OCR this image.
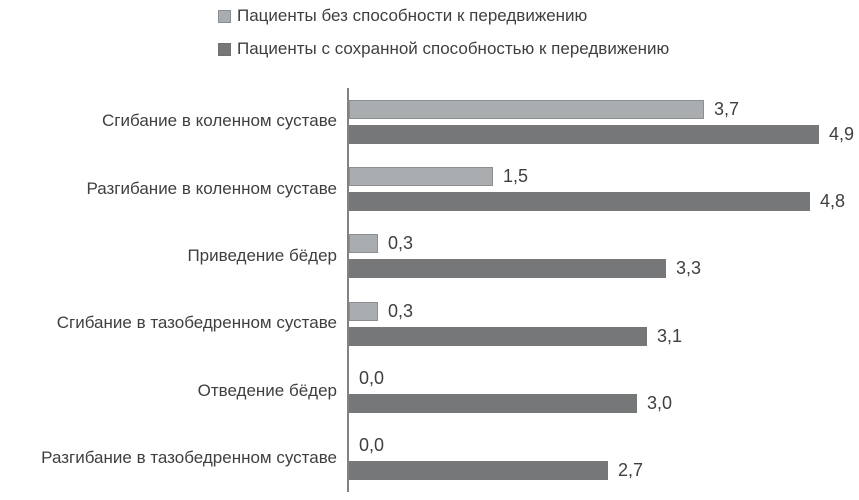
Пациенты без способности к передвижению
Пациенты с сохранной способностью к передвижению
Сгибание в коленном суставе
3,7
4,9
Разгибание в коленном суставе
1,5
4,8
Приведение бёдер
0,3
3,3
Сгибание в тазобедренном суставе
0,3
3,1
Отведение бёдер
0,0
3,0
Разгибание в тазобедренном суставе
0,0
2,7
